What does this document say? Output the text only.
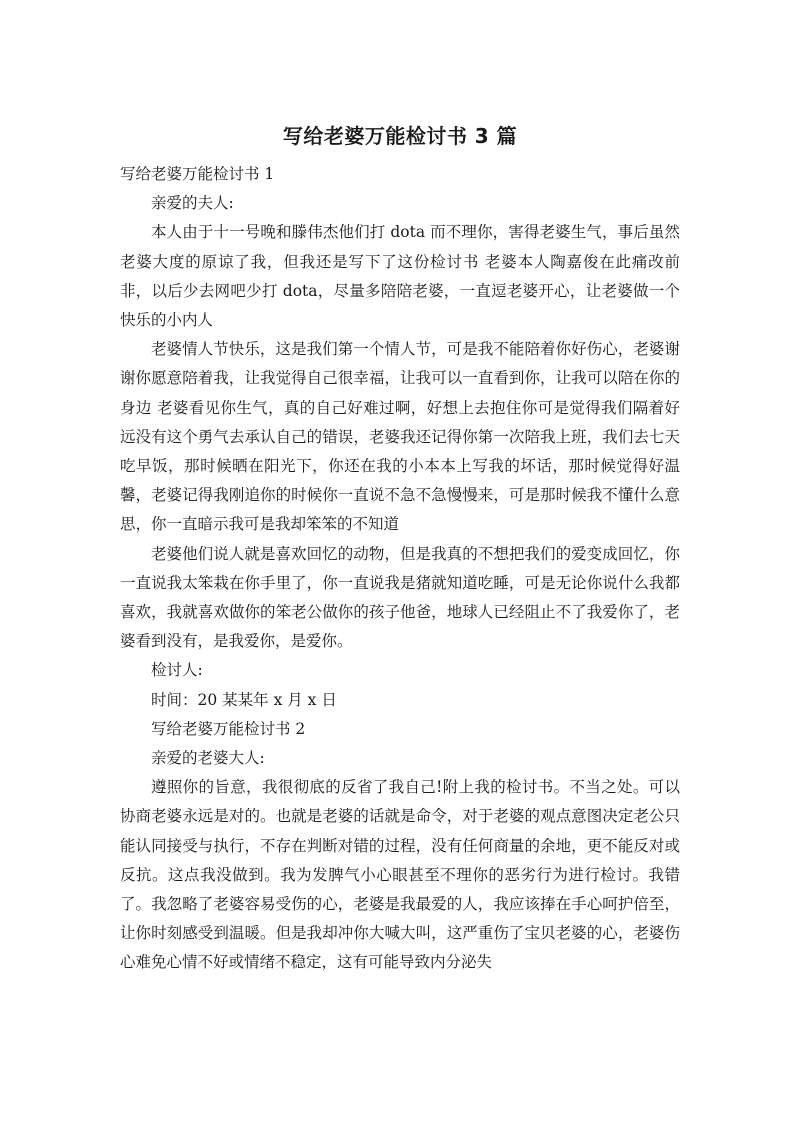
写给老婆万能检讨书 3 篇

写给老婆万能检讨书 1

亲爱的夫人:

本人由于十一号晚和滕伟杰他们打 dota 而不理你，害得老婆生气，事后虽然老婆大度的原谅了我，但我还是写下了这份检讨书 老婆本人陶嘉俊在此痛改前非，以后少去网吧少打 dota，尽量多陪陪老婆，一直逗老婆开心，让老婆做一个快乐的小内人

老婆情人节快乐，这是我们第一个情人节，可是我不能陪着你好伤心，老婆谢谢你愿意陪着我，让我觉得自己很幸福，让我可以一直看到你，让我可以陪在你的身边 老婆看见你生气，真的自己好难过啊，好想上去抱住你可是觉得我们隔着好远没有这个勇气去承认自己的错误，老婆我还记得你第一次陪我上班，我们去七天吃早饭，那时候晒在阳光下，你还在我的小本本上写我的坏话，那时候觉得好温馨，老婆记得我刚追你的时候你一直说不急不急慢慢来，可是那时候我不懂什么意思，你一直暗示我可是我却笨笨的不知道

老婆他们说人就是喜欢回忆的动物，但是我真的不想把我们的爱变成回忆，你一直说我太笨栽在你手里了，你一直说我是猪就知道吃睡，可是无论你说什么我都喜欢，我就喜欢做你的笨老公做你的孩子他爸，地球人已经阻止不了我爱你了，老婆看到没有，是我爱你，是爱你。

检讨人:

时间：20 某某年 x 月 x 日

写给老婆万能检讨书 2

亲爱的老婆大人:

遵照你的旨意，我很彻底的反省了我自己!附上我的检讨书。不当之处。可以协商老婆永远是对的。也就是老婆的话就是命令，对于老婆的观点意图决定老公只能认同接受与执行，不存在判断对错的过程，没有任何商量的余地，更不能反对或反抗。这点我没做到。我为发脾气小心眼甚至不理你的恶劣行为进行检讨。我错了。我忽略了老婆容易受伤的心，老婆是我最爱的人，我应该捧在手心呵护倍至，让你时刻感受到温暖。但是我却冲你大喊大叫，这严重伤了宝贝老婆的心，老婆伤心难免心情不好或情绪不稳定，这有可能导致内分泌失
